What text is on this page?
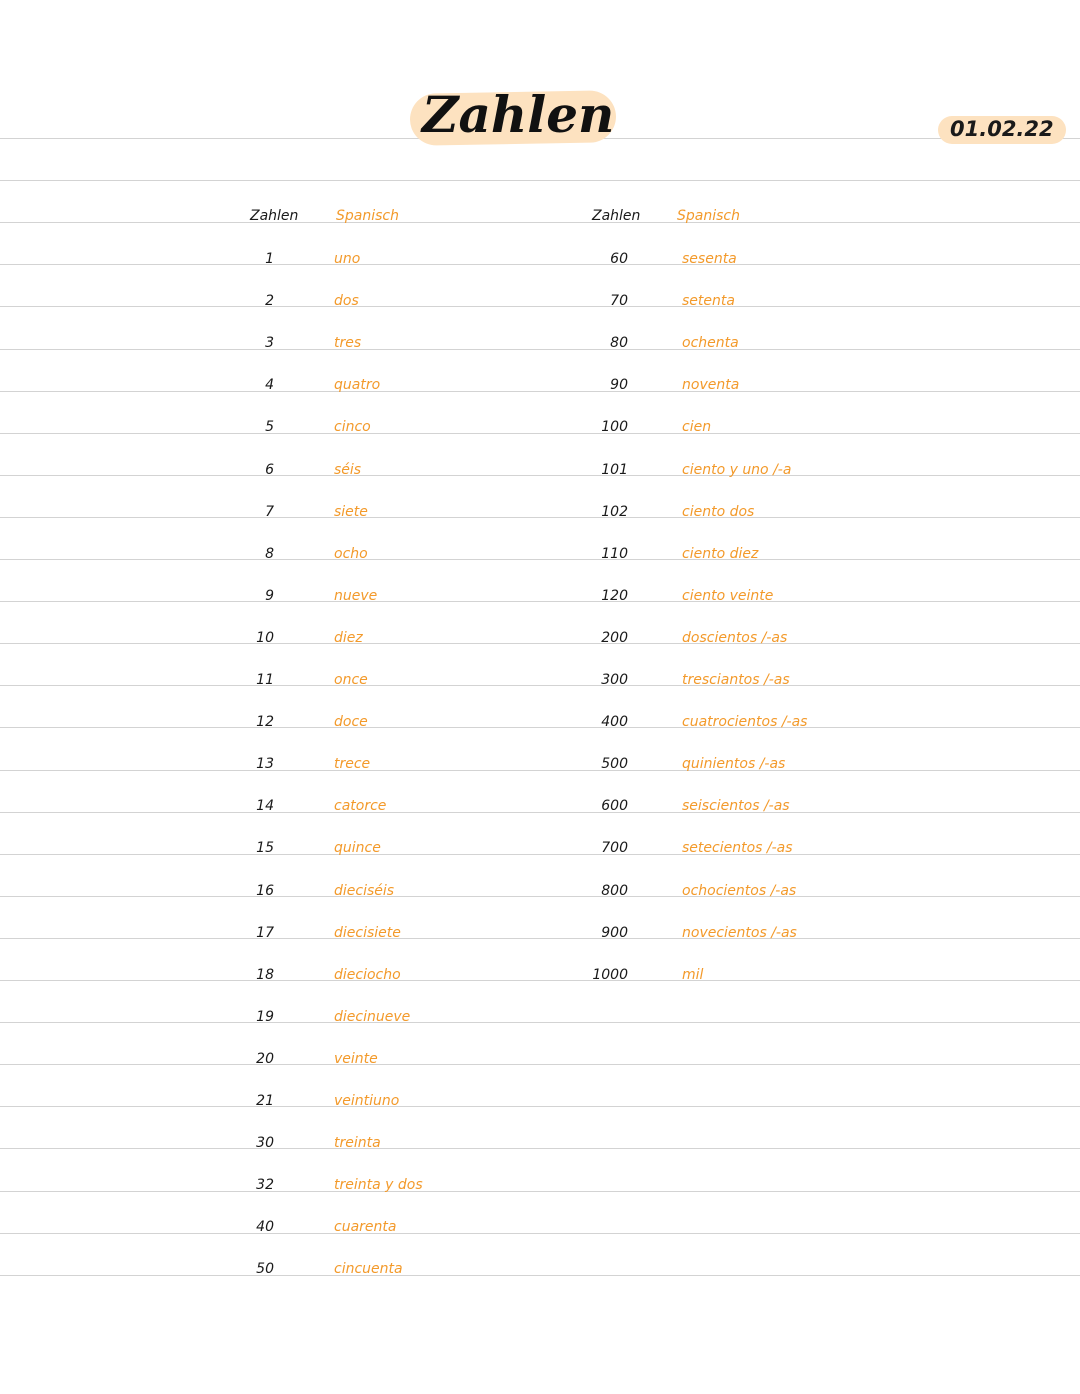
Zahlen	01.02.22
Zahlen	Spanisch
1	uno
2	dos
3	tres
4	quatro
5	cinco
6	séis
7	siete
8	ocho
9	nueve
10	diez
11	once
12	doce
13	trece
14	catorce
15	quince
16	dieciséis
17	diecisiete
18	dieciocho
19	diecinueve
20	veinte
21	veintiuno
30	treinta
32	treinta y dos
40	cuarenta
50	cincuenta
Zahlen	Spanisch
60	sesenta
70	setenta
80	ochenta
90	noventa
100	cien
101	ciento y uno /-a
102	ciento dos
110	ciento diez
120	ciento veinte
200	doscientos /-as
300	tresciantos /-as
400	cuatrocientos /-as
500	quinientos /-as
600	seiscientos /-as
700	setecientos /-as
800	ochocientos /-as
900	novecientos /-as
1000	mil
